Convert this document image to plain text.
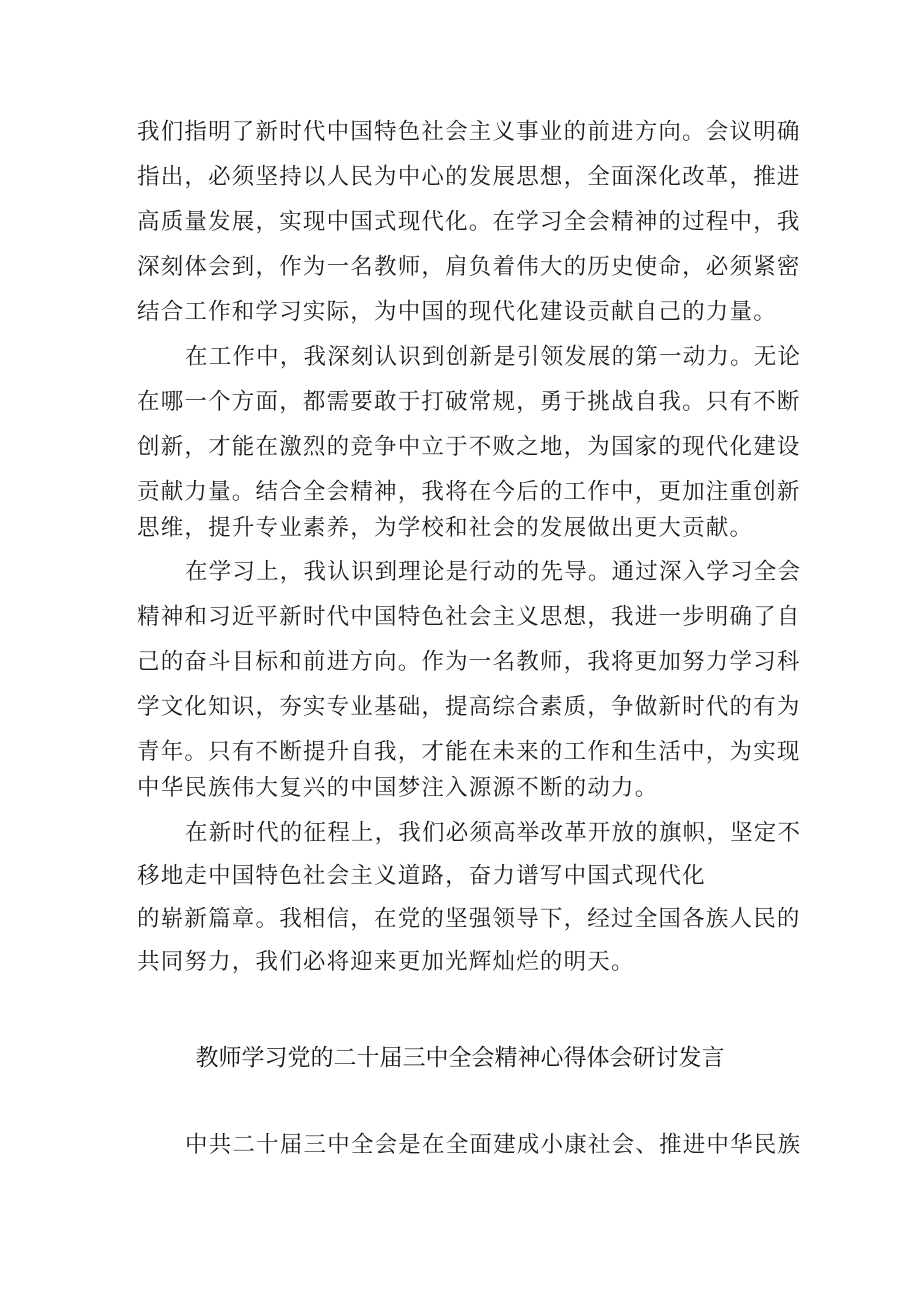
我们指明了新时代中国特色社会主义事业的前进方向。会议明确
指出，必须坚持以人民为中心的发展思想，全面深化改革，推进
高质量发展，实现中国式现代化。在学习全会精神的过程中，我
深刻体会到，作为一名教师，肩负着伟大的历史使命，必须紧密
结合工作和学习实际，为中国的现代化建设贡献自己的力量。
在工作中，我深刻认识到创新是引领发展的第一动力。无论
在哪一个方面，都需要敢于打破常规，勇于挑战自我。只有不断
创新，才能在激烈的竞争中立于不败之地，为国家的现代化建设
贡献力量。结合全会精神，我将在今后的工作中，更加注重创新
思维，提升专业素养，为学校和社会的发展做出更大贡献。
在学习上，我认识到理论是行动的先导。通过深入学习全会
精神和习近平新时代中国特色社会主义思想，我进一步明确了自
己的奋斗目标和前进方向。作为一名教师，我将更加努力学习科
学文化知识，夯实专业基础，提高综合素质，争做新时代的有为
青年。只有不断提升自我，才能在未来的工作和生活中，为实现
中华民族伟大复兴的中国梦注入源源不断的动力。
在新时代的征程上，我们必须高举改革开放的旗帜，坚定不
移地走中国特色社会主义道路，奋力谱写中国式现代化
的崭新篇章。我相信，在党的坚强领导下，经过全国各族人民的
共同努力，我们必将迎来更加光辉灿烂的明天。
教师学习党的二十届三中全会精神心得体会研讨发言
中共二十届三中全会是在全面建成小康社会、推进中华民族
